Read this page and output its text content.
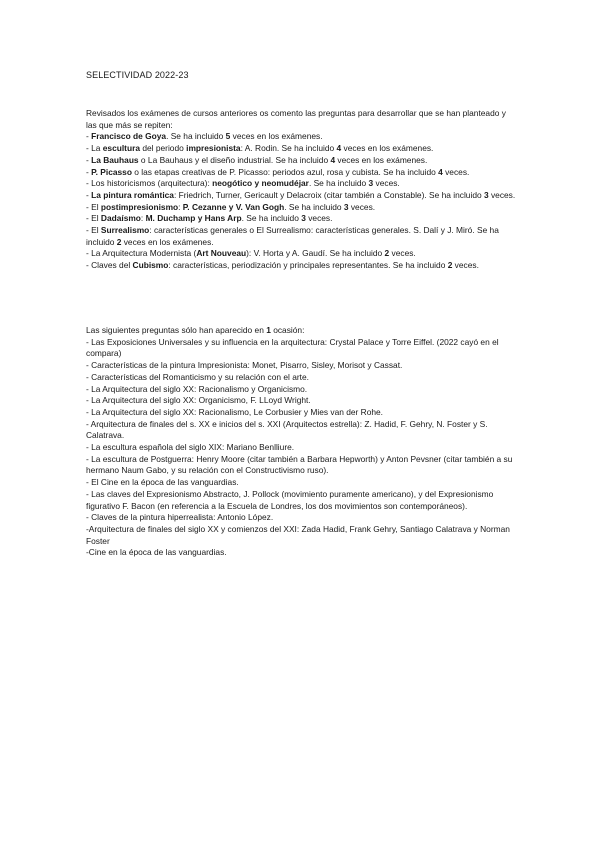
SELECTIVIDAD 2022-23

Revisados los exámenes de cursos anteriores os comento las preguntas para desarrollar que se han planteado y las que más se repiten:

- Francisco de Goya. Se ha incluido 5 veces en los exámenes.

- La escultura del periodo impresionista: A. Rodin. Se ha incluido 4 veces en los exámenes.

- La Bauhaus o La Bauhaus y el diseño industrial. Se ha incluido 4 veces en los exámenes.

- P. Picasso o las etapas creativas de P. Picasso: periodos azul, rosa y cubista. Se ha incluido 4 veces.

- Los historicismos (arquitectura): neogótico y neomudéjar. Se ha incluido 3 veces.

- La pintura romántica: Friedrich, Turner, Gericault y Delacroix (citar también a Constable). Se ha incluido 3 veces.

- El postimpresionismo: P. Cezanne y V. Van Gogh. Se ha incluido 3 veces.

- El Dadaísmo: M. Duchamp y Hans Arp. Se ha incluido 3 veces.

- El Surrealismo: características generales o El Surrealismo: características generales. S. Dalí y J. Miró. Se ha incluido 2 veces en los exámenes.

- La Arquitectura Modernista (Art Nouveau): V. Horta y A. Gaudí. Se ha incluido 2 veces.

- Claves del Cubismo: características, periodización y principales representantes. Se ha incluido 2 veces.

Las siguientes preguntas sólo han aparecido en 1 ocasión:

- Las Exposiciones Universales y su influencia en la arquitectura: Crystal Palace y Torre Eiffel. (2022 cayó en el compara)

- Características de la pintura Impresionista: Monet, Pisarro, Sisley, Morisot y Cassat.

- Características del Romanticismo y su relación con el arte.

- La Arquitectura del siglo XX: Racionalismo y Organicismo.

- La Arquitectura del siglo XX: Organicismo, F. LLoyd Wright.

- La Arquitectura del siglo XX: Racionalismo, Le Corbusier y Mies van der Rohe.

- Arquitectura de finales del s. XX e inicios del s. XXI (Arquitectos estrella): Z. Hadid, F. Gehry, N. Foster y S. Calatrava.

- La escultura española del siglo XIX: Mariano Benlliure.

- La escultura de Postguerra: Henry Moore (citar también a Barbara Hepworth) y Anton Pevsner (citar también a su hermano Naum Gabo, y su relación con el Constructivismo ruso).

- El Cine en la época de las vanguardias.

- Las claves del Expresionismo Abstracto, J. Pollock (movimiento puramente americano), y del Expresionismo figurativo F. Bacon (en referencia a la Escuela de Londres, los dos movimientos son contemporáneos).

- Claves de la pintura hiperrealista: Antonio López.

-Arquitectura de finales del siglo XX y comienzos del XXI: Zada Hadid, Frank Gehry, Santiago Calatrava y Norman Foster

-Cine en la época de las vanguardias.
